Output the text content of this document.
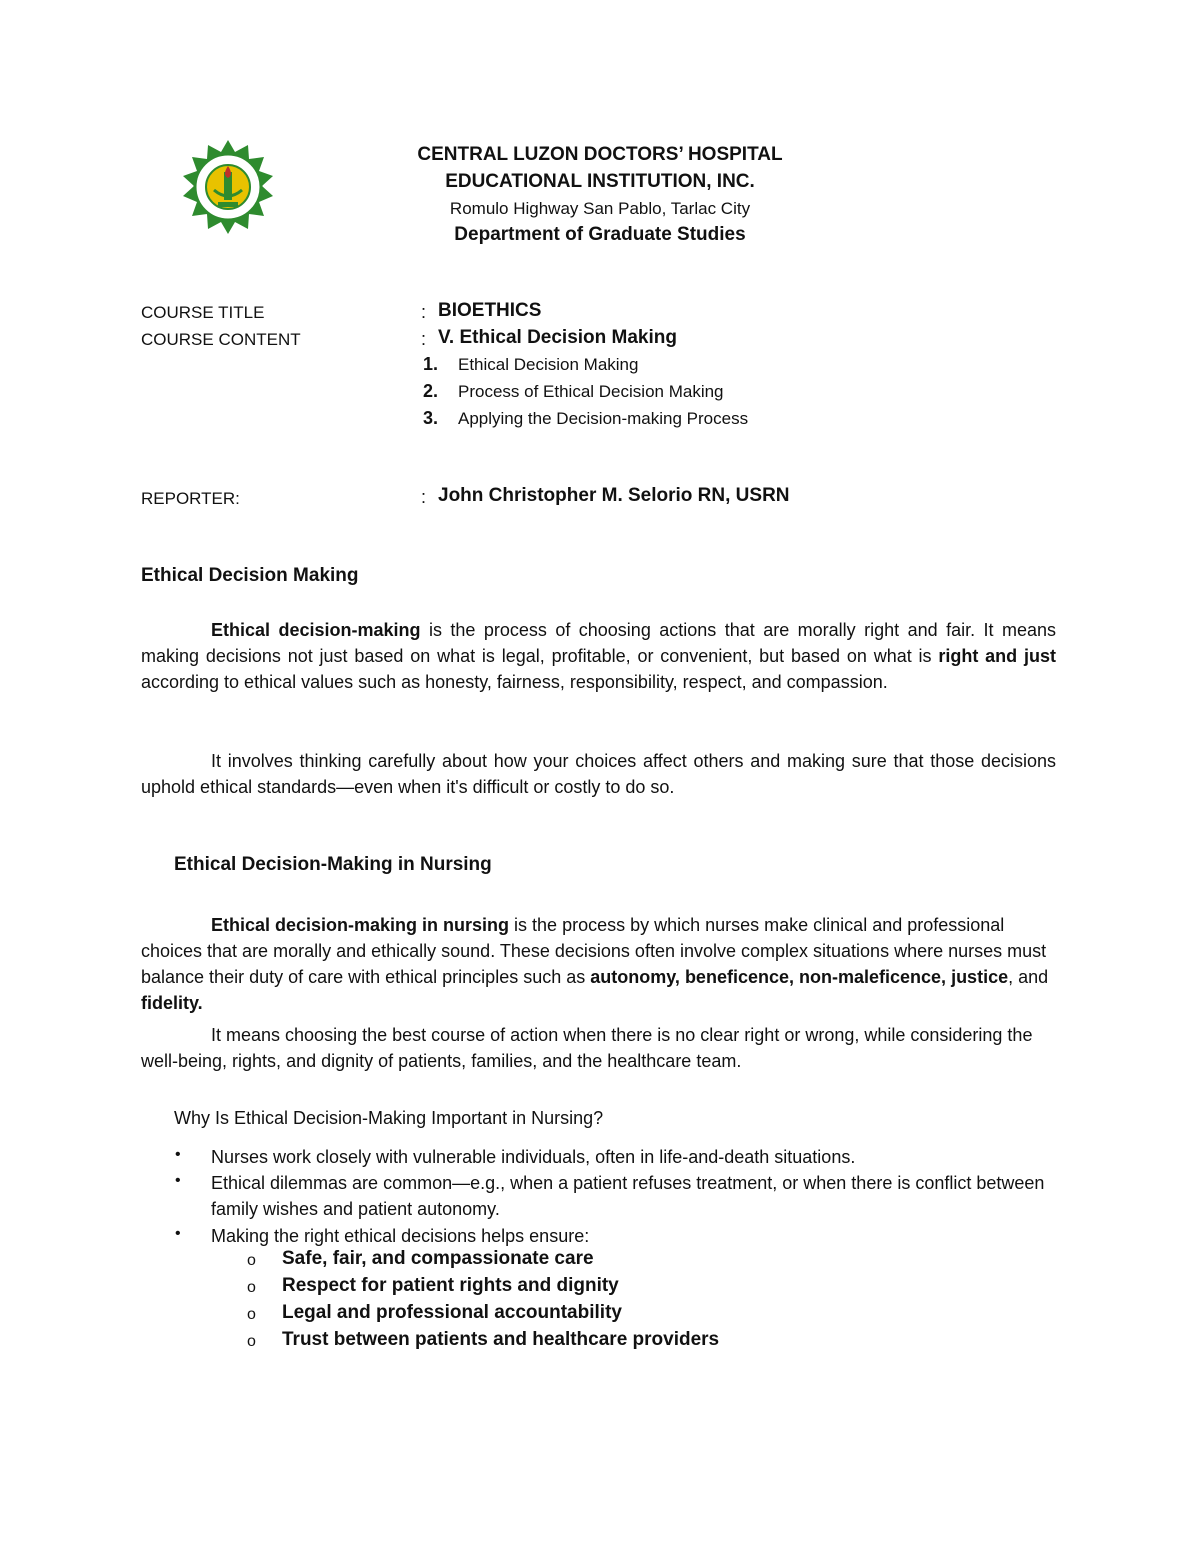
CENTRAL LUZON DOCTORS’ HOSPITAL
EDUCATIONAL INSTITUTION, INC.
Romulo Highway San Pablo, Tarlac City
Department of Graduate Studies
COURSE TITLE	: BIOETHICS
COURSE CONTENT	: V. Ethical Decision Making
1. Ethical Decision Making
2. Process of Ethical Decision Making
3. Applying the Decision-making Process
REPORTER:	: John Christopher M. Selorio RN, USRN
Ethical Decision Making
Ethical decision-making is the process of choosing actions that are morally right and fair. It means making decisions not just based on what is legal, profitable, or convenient, but based on what is right and just according to ethical values such as honesty, fairness, responsibility, respect, and compassion.
It involves thinking carefully about how your choices affect others and making sure that those decisions uphold ethical standards—even when it's difficult or costly to do so.
Ethical Decision-Making in Nursing
Ethical decision-making in nursing is the process by which nurses make clinical and professional choices that are morally and ethically sound. These decisions often involve complex situations where nurses must balance their duty of care with ethical principles such as autonomy, beneficence, non-maleficence, justice, and fidelity.
It means choosing the best course of action when there is no clear right or wrong, while considering the well-being, rights, and dignity of patients, families, and the healthcare team.
Why Is Ethical Decision-Making Important in Nursing?
• Nurses work closely with vulnerable individuals, often in life-and-death situations.
• Ethical dilemmas are common—e.g., when a patient refuses treatment, or when there is conflict between family wishes and patient autonomy.
• Making the right ethical decisions helps ensure:
o Safe, fair, and compassionate care
o Respect for patient rights and dignity
o Legal and professional accountability
o Trust between patients and healthcare providers
